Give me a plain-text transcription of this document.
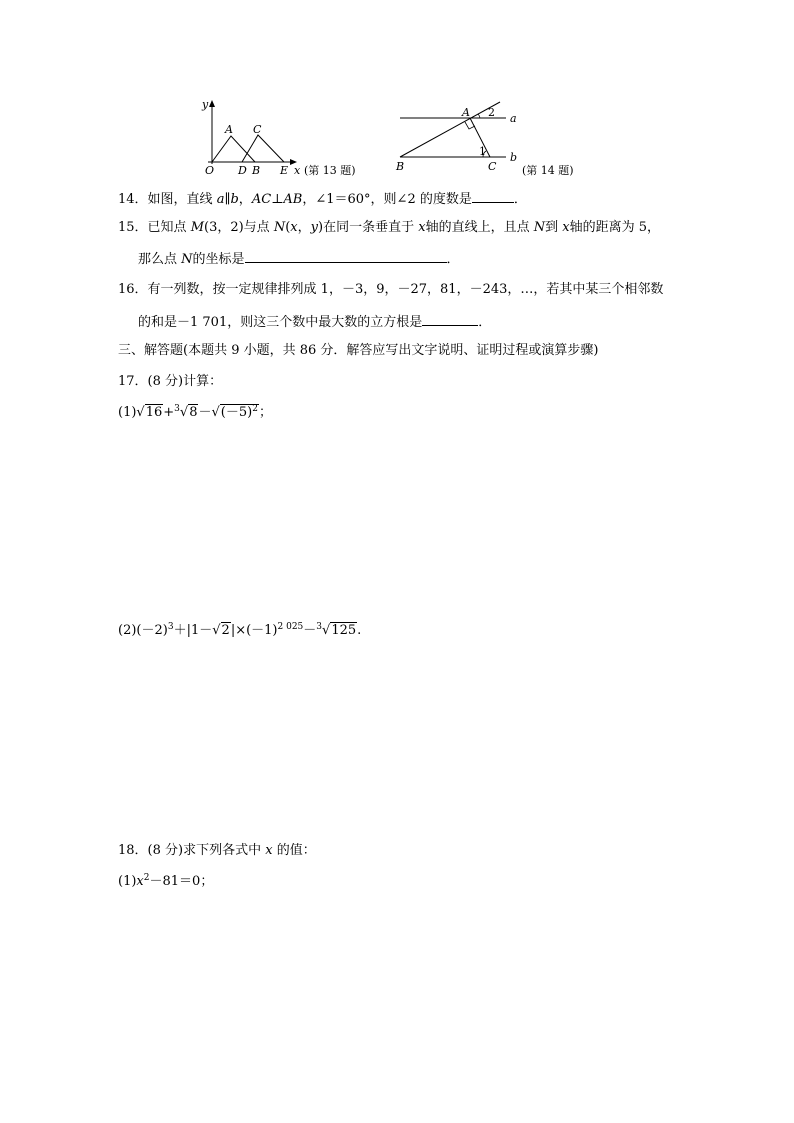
y
x
O
A C
D B E (第 13 题)
A
B	C
a
b
1
2
(第 14 题)
14．如图，直线 a∥b，AC⊥AB，∠1＝60°，则∠2 的度数是	．
15．已知点 M(3，2)与点 N(x，y)在同一条垂直于 x轴的直线上，且点 N到 x轴的距离为 5，
那么点 N的坐标是	．
16．有一列数，按一定规律排列成 1，－3，9，－27，81，－243，…，若其中某三个相邻数
的和是－1 701，则这三个数中最大数的立方根是	．
三、解答题(本题共 9 小题，共 86 分．解答应写出文字说明、证明过程或演算步骤)
17．(8 分)计算：
$(1)√16+^3√8-√(-5)^2$；
$(2)(-2)^3+|1-√2|\times(-1)^{2 025}-^3√125$.
18．(8 分)求下列各式中 x 的值：
$(1)x^2-81=0$；
